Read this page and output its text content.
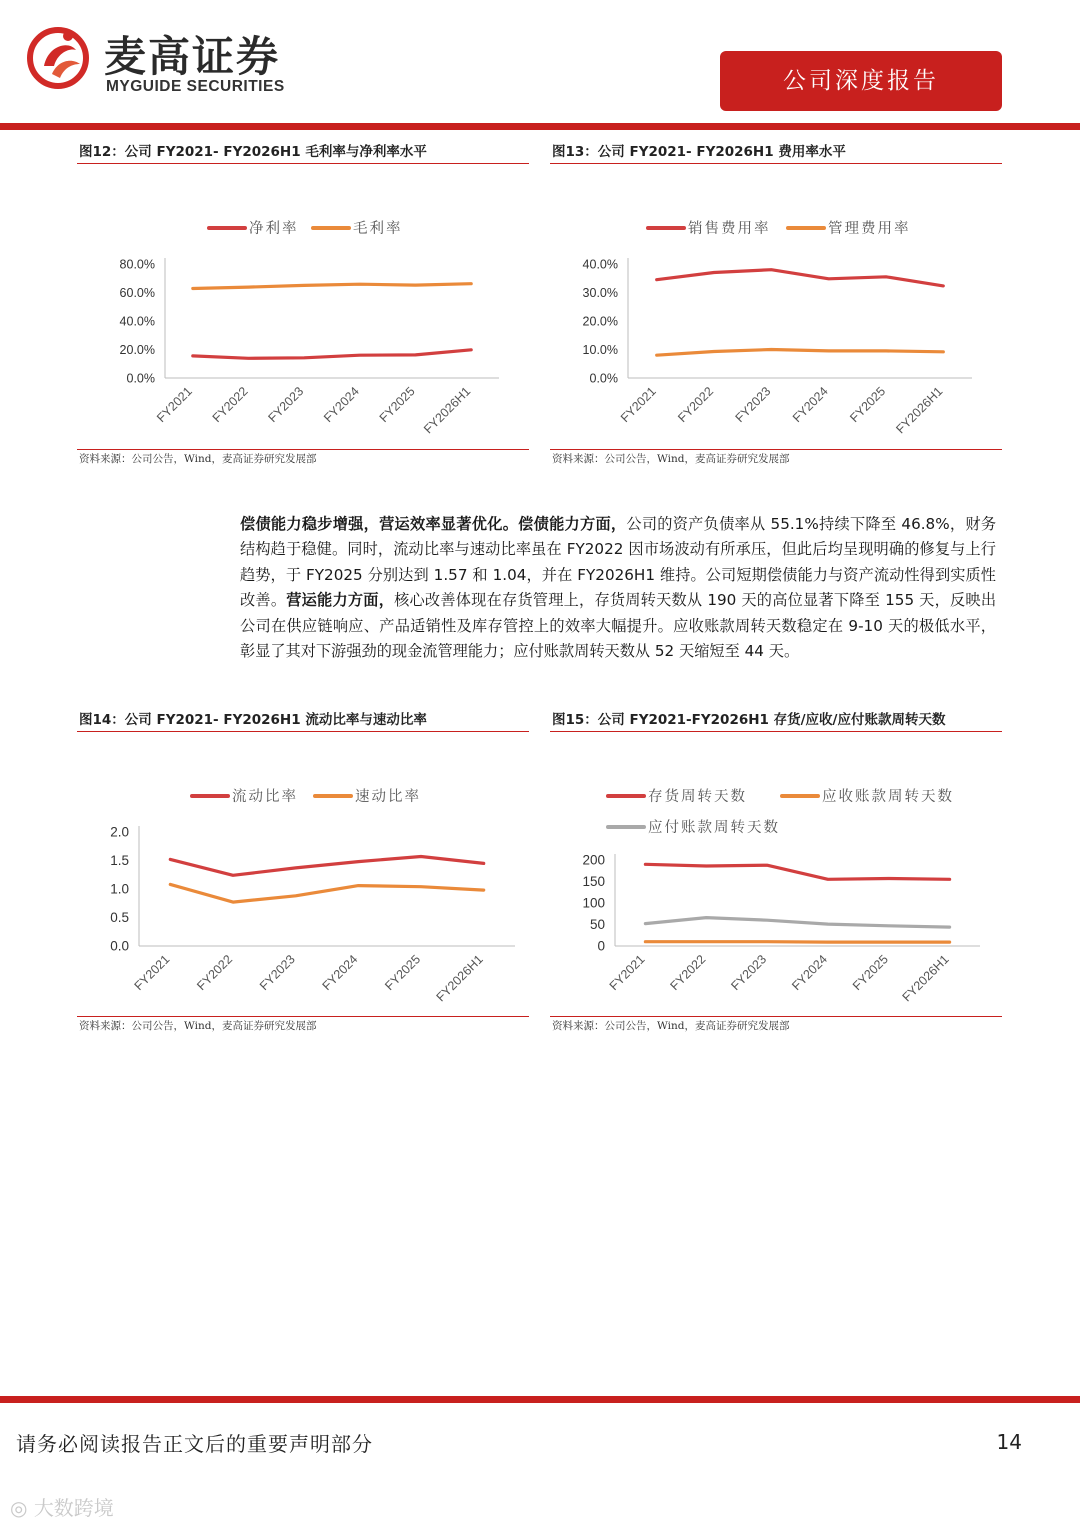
麦高证券
MYGUIDE SECURITIES	公司深度报告
图12：公司 FY2021- FY2026H1 毛利率与净利率水平
0.0%
20.0%
40.0%
60.0%
80.0%
FY2021 FY2022 FY2023 FY2024 FY2025 FY2026H1
净利率	毛利率
资料来源：公司公告，Wind，麦高证券研究发展部
图13：公司 FY2021- FY2026H1 费用率水平
0.0%
10.0%
20.0%
30.0%
40.0%
FY2021 FY2022 FY2023 FY2024 FY2025 FY2026H1
销售费用率	管理费用率
资料来源：公司公告，Wind，麦高证券研究发展部
偿债能力稳步增强，营运效率显著优化。偿债能力方面，公司的资产负债率从 55.1%持续下降至 46.8%，财务结构趋于稳健。同时，流动比率与速动比率虽在 FY2022 因市场波动有所承压，但此后均呈现明确的修复与上行趋势，于 FY2025 分别达到 1.57 和 1.04，并在 FY2026H1 维持。公司短期偿债能力与资产流动性得到实质性改善。营运能力方面，核心改善体现在存货管理上，存货周转天数从 190 天的高位显著下降至 155 天，反映出公司在供应链响应、产品适销性及库存管控上的效率大幅提升。应收账款周转天数稳定在 9-10 天的极低水平，彰显了其对下游强劲的现金流管理能力；应付账款周转天数从 52 天缩短至 44 天。
图14：公司 FY2021- FY2026H1 流动比率与速动比率
0.0
0.5
1.0
1.5
2.0
FY2021 FY2022 FY2023 FY2024 FY2025 FY2026H1
流动比率	速动比率
资料来源：公司公告，Wind，麦高证券研究发展部
图15：公司 FY2021-FY2026H1 存货/应收/应付账款周转天数
0
50
100
150
200
FY2021 FY2022 FY2023 FY2024 FY2025 FY2026H1
存货周转天数	应收账款周转天数
应付账款周转天数
资料来源：公司公告，Wind，麦高证券研究发展部
请务必阅读报告正文后的重要声明部分	14
◎ 大数跨境
